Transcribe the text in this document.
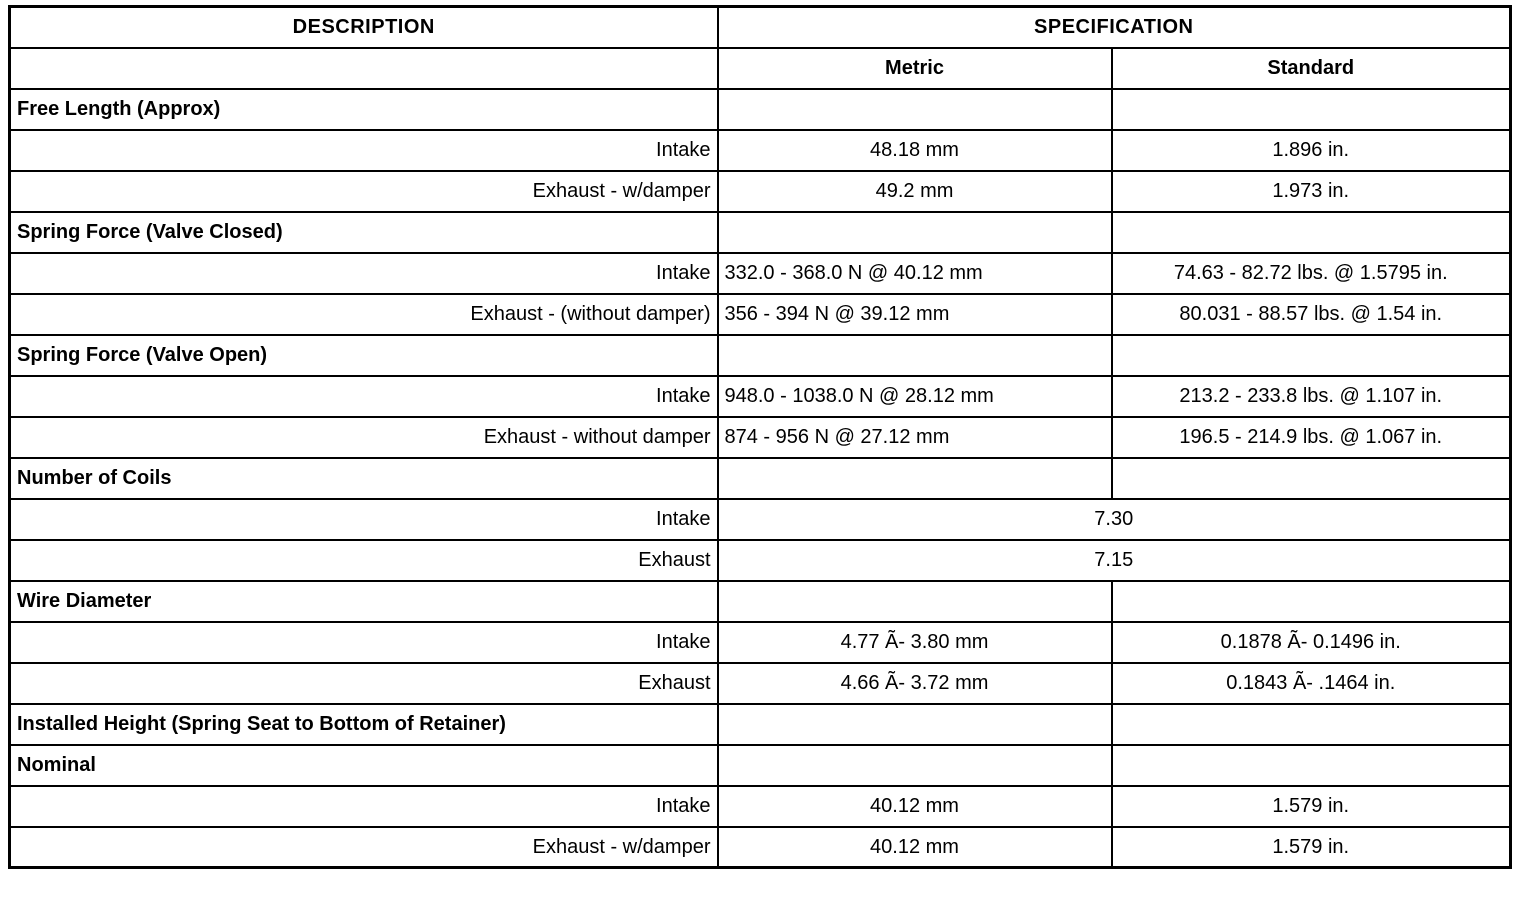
DESCRIPTION	SPECIFICATION	
	Metric	Standard
Free Length (Approx)		
Intake	48.18 mm	1.896 in.
Exhaust - w/damper	49.2 mm	1.973 in.
Spring Force (Valve Closed)		
Intake	332.0 - 368.0 N @ 40.12 mm	74.63 - 82.72 lbs. @ 1.5795 in.
Exhaust - (without damper)	356 - 394 N @ 39.12 mm	80.031 - 88.57 lbs. @ 1.54 in.
Spring Force (Valve Open)		
Intake	948.0 - 1038.0 N @ 28.12 mm	213.2 - 233.8 lbs. @ 1.107 in.
Exhaust - without damper	874 - 956 N @ 27.12 mm	196.5 - 214.9 lbs. @ 1.067 in.
Number of Coils		
Intake	7.30	
Exhaust	7.15	
Wire Diameter		
Intake	4.77 Ã- 3.80 mm	0.1878 Ã- 0.1496 in.
Exhaust	4.66 Ã- 3.72 mm	0.1843 Ã- .1464 in.
Installed Height (Spring Seat to Bottom of Retainer)		
Nominal		
Intake	40.12 mm	1.579 in.
Exhaust - w/damper	40.12 mm	1.579 in.
